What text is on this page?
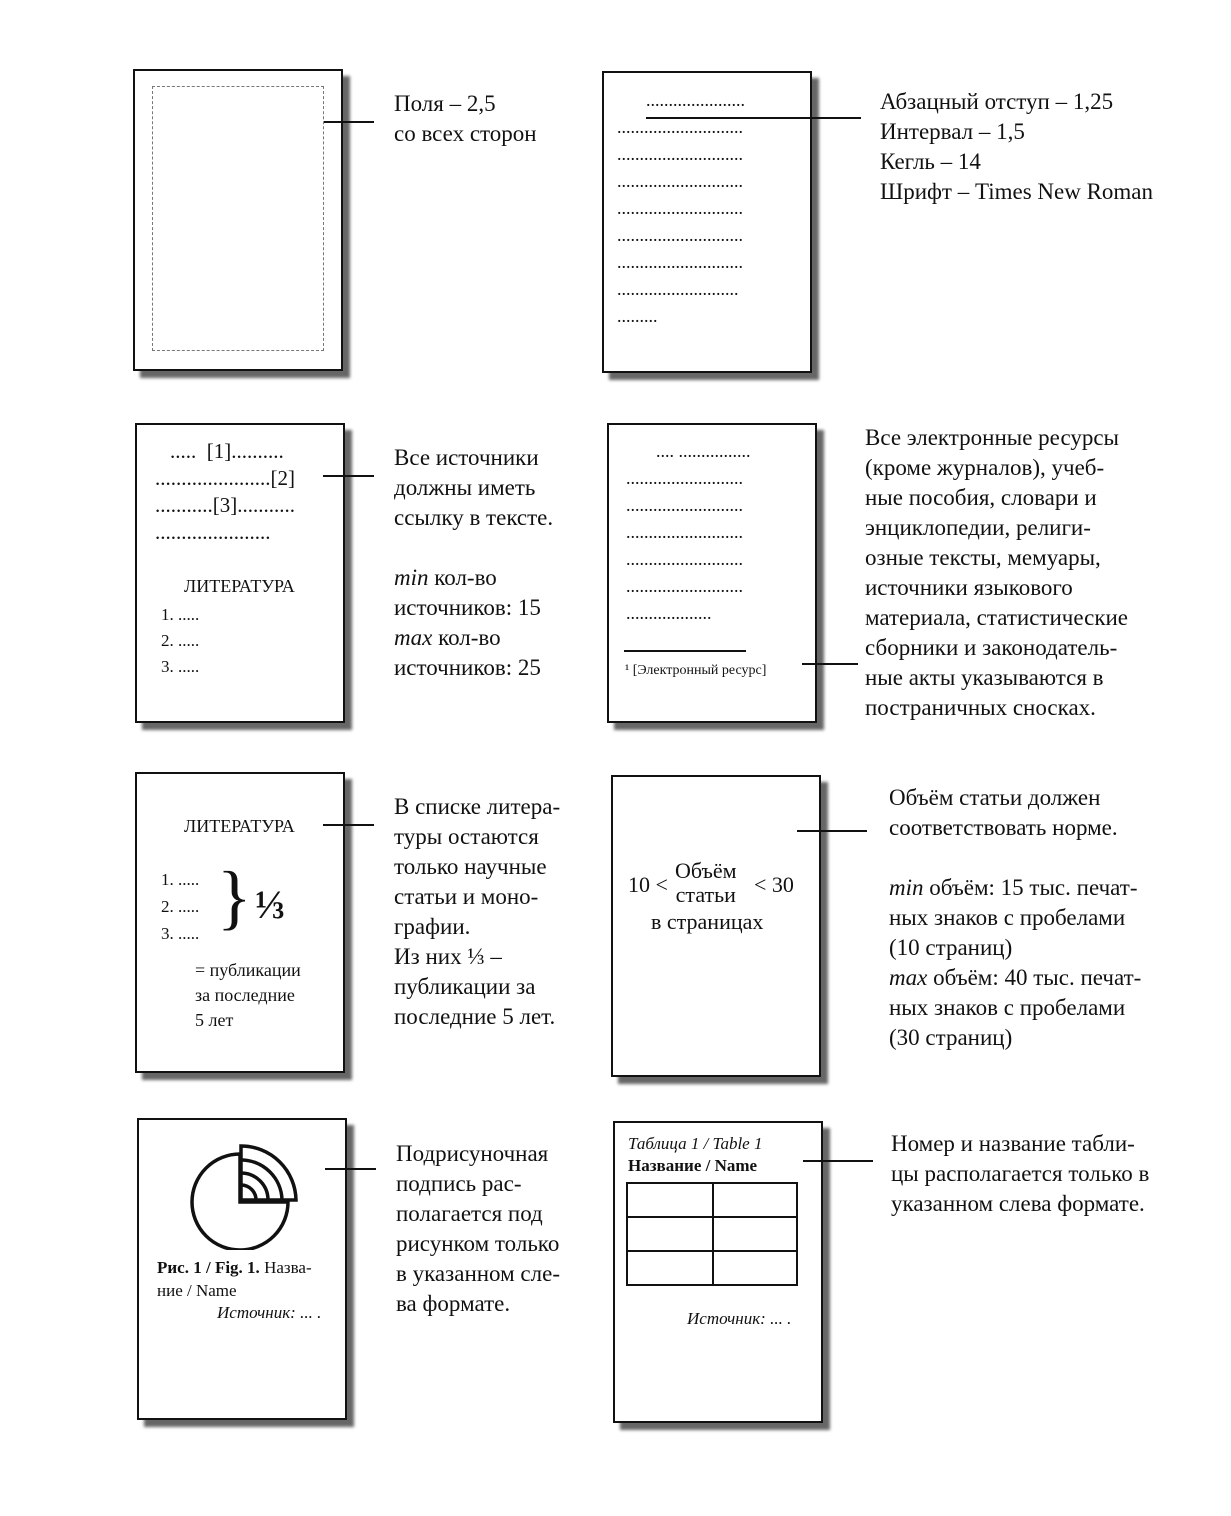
Поля – 2,5
со всех сторон

......................
............................
............................
............................
............................
............................
............................
...........................
.........

Абзацный отступ – 1,25
Интервал – 1,5
Кегль – 14
Шрифт – Times New Roman

.....  [1]..........
......................[2]
...........[3]...........
......................
ЛИТЕРАТУРА
1. .....
2. .....
3. .....

Все источники
должны иметь
ссылку в тексте.

min кол-во
источников: 15
max кол-во
источников: 25

.... ................
..........................
..........................
..........................
..........................
..........................
...................
¹ [Электронный ресурс]

Все электронные ресурсы
(кроме журналов), учеб-
ные пособия, словари и
энциклопедии, религи-
озные тексты, мемуары,
источники языкового
материала, статистические
сборники и законодатель-
ные акты указываются в
постраничных сносках.

ЛИТЕРАТУРА
1. .....
2. .....
3. ..... } ⅓
= публикации
за последние
5 лет

В списке литера-
туры остаются
только научные
статьи и моно-
графии.
Из них ⅓ –
публикации за
последние 5 лет.

10 <
Объём
статьи < 30
в страницах

Объём статьи должен
соответствовать норме.

min объём: 15 тыс. печат-
ных знаков с пробелами
(10 страниц)
max объём: 40 тыс. печат-
ных знаков с пробелами
(30 страниц)

Рис. 1 / Fig. 1. Назва-
ние / Name
Источник: ... .

Подрисуночная
подпись рас-
полагается под
рисунком только
в указанном сле-
ва формате.

Таблица 1 / Table 1
Название / Name
Источник: ... .

Номер и название табли-
цы располагается только в
указанном слева формате.
